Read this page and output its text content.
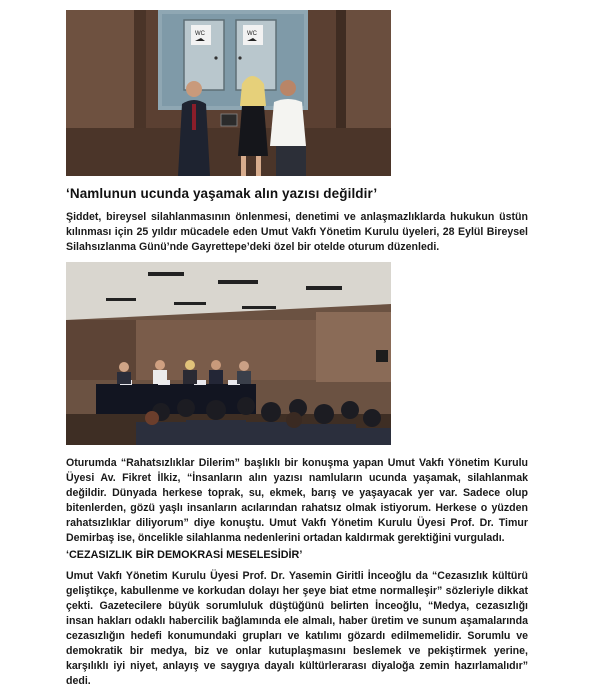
WC	WC
‘Namlunun ucunda yaşamak alın yazısı değildir’

Şiddet, bireysel silahlanmasının önlenmesi, denetimi ve anlaşmazlıklarda hukukun üstün kılınması için 25 yıldır mücadele eden Umut Vakfı Yönetim Kurulu üyeleri, 28 Eylül Bireysel Silahsızlanma Günü’nde Gayrettepe’deki özel bir otelde oturum düzenledi.

Oturumda “Rahatsızlıklar Dilerim” başlıklı bir konuşma yapan Umut Vakfı Yönetim Kurulu Üyesi Av. Fikret İlkiz, “İnsanların alın yazısı namluların ucunda yaşamak, silahlanmak değildir. Dünyada herkese toprak, su, ekmek, barış ve yaşayacak yer var. Sadece olup bitenlerden, gözü yaşlı insanların acılarından rahatsız olmak istiyorum. Herkese o yüzden rahatsızlıklar diliyorum” diye konuştu. Umut Vakfı Yönetim Kurulu Üyesi Prof. Dr. Timur Demirbaş ise, öncelikle silahlanma nedenlerini ortadan kaldırmak gerektiğini vurguladı.

‘CEZASIZLIK BİR DEMOKRASİ MESELESİDİR’

Umut Vakfı Yönetim Kurulu Üyesi Prof. Dr. Yasemin Giritli İnceoğlu da “Cezasızlık kültürü geliştikçe, kabullenme ve korkudan dolayı her şeye biat etme normalleşir” sözleriyle dikkat çekti. Gazetecilere büyük sorumluluk düştüğünü belirten İnceoğlu, “Medya, cezasızlığı insan hakları odaklı habercilik bağlamında ele almalı, haber üretim ve sunum aşamalarında cezasızlığın hedefi konumundaki grupları ve katılımı gözardı edilmemelidir. Sorumlu ve demokratik bir medya, biz ve onlar kutuplaşmasını beslemek ve pekiştirmek yerine, karşılıklı iyi niyet, anlayış ve saygıya dayalı kültürlerarası diyaloğa zemin hazırlamalıdır” dedi.
